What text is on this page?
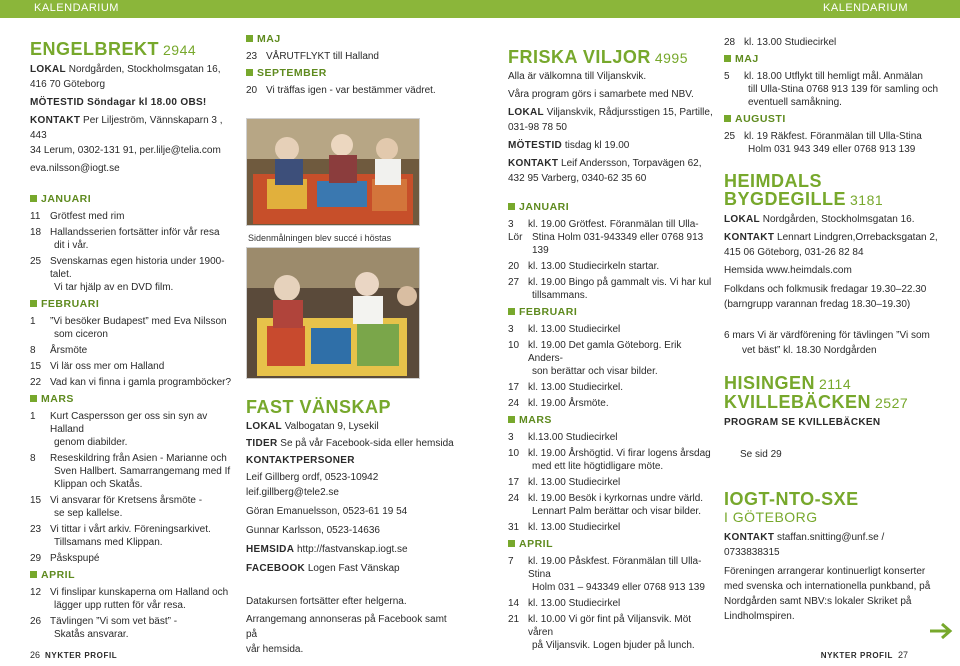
KALENDARIUM	KALENDARIUM
ENGELBREKT 2944
LOKAL Nordgården, Stockholmsgatan 16,
416 70 Göteborg
MÖTESTID Söndagar kl 18.00 OBS!
KONTAKT Per Liljeström, Vännskaparn 3 , 443
34 Lerum, 0302-131 91, per.lilje@telia.com
eva.nilsson@iogt.se
JANUARI
11 Grötfest med rim
18 Hallandsserien fortsätter inför vår resa
dit i vår.
25 Svenskarnas egen historia under 1900-talet.
Vi tar hjälp av en DVD film.
FEBRUARI
1	”Vi besöker Budapest” med Eva Nilsson
som ciceron
8	Årsmöte
15 Vi lär oss mer om Halland
22 Vad kan vi finna i gamla programböcker?
MARS
1	Kurt Caspersson ger oss sin syn av Halland
genom diabilder.
8	Reseskildring från Asien - Marianne och
Sven Hallbert. Samarrangemang med If
Klippan och Skatås.
15 Vi ansvarar för Kretsens årsmöte -
se sep kallelse.
23 Vi tittar i vårt arkiv. Föreningsarkivet.
Tillsamans med Klippan.
29 Påskspupé
APRIL
12 Vi finslipar kunskaperna om Halland och
lägger upp rutten för vår resa.
26 Tävlingen ”Vi som vet bäst” -
Skatås ansvarar.
26 NYKTER PROFIL
MAJ
23 VÅRUTFLYKT till Halland
SEPTEMBER
20 Vi träffas igen - var bestämmer vädret.
Sidenmålningen blev succé i höstas
FAST VÄNSKAP
LOKAL Valbogatan 9, Lysekil
TIDER Se på vår Facebook-sida eller hemsida
KONTAKTPERSONER
Leif Gillberg ordf, 0523-10942
leif.gillberg@tele2.se
Göran Emanuelsson, 0523-61 19 54
Gunnar Karlsson, 0523-14636
HEMSIDA http://fastvanskap.iogt.se
FACEBOOK Logen Fast Vänskap
Datakursen fortsätter efter helgerna.
Arrangemang annonseras på Facebook samt på
vår hemsida.
FRISKA VILJOR 4995
Alla är välkomna till Viljanskvik.
Våra program görs i samarbete med NBV.
LOKAL Viljanskvik, Rådjursstigen 15, Partille,
031-98 78 50
MÖTESTID tisdag kl 19.00
KONTAKT Leif Andersson, Torpavägen 62,
432 95 Varberg, 0340-62 35 60
JANUARI
3 Lör
kl. 19.00 Grötfest. Föranmälan till Ulla-
Stina Holm 031-943349 eller 0768 913 139
20 kl. 13.00 Studiecirkeln startar.
27 kl. 19.00 Bingo på gammalt vis. Vi har kul
tillsammans.
FEBRUARI
3	kl. 13.00 Studiecirkel
10 kl. 19.00 Det gamla Göteborg. Erik Anders-
son berättar och visar bilder.
17 kl. 13.00 Studiecirkel.
24 kl. 19.00 Årsmöte.
MARS
3	kl.13.00 Studiecirkel
10 kl. 19.00 Årshögtid. Vi firar logens årsdag
med ett lite högtidligare möte.
17 kl. 13.00 Studiecirkel
24 kl. 19.00 Besök i kyrkornas undre värld.
Lennart Palm berättar och visar bilder.
31 kl. 13.00 Studiecirkel
APRIL
7	kl. 19.00 Påskfest. Föranmälan till Ulla-Stina
Holm 031 – 943349 eller 0768 913 139
14 kl. 13.00 Studiecirkel
21 kl. 10.00 Vi gör fint på Viljansvik. Möt våren
på Viljansvik. Logen bjuder på lunch.
28 kl. 13.00 Studiecirkel
MAJ
5	kl. 18.00 Utflykt till hemligt mål. Anmälan
till Ulla-Stina 0768 913 139 för samling och
eventuell samåkning.
AUGUSTI
25 kl. 19 Räkfest. Föranmälan till Ulla-Stina
Holm 031 943 349 eller 0768 913 139
HEIMDALS
BYGDEGILLE 3181
LOKAL Nordgården, Stockholmsgatan 16.
KONTAKT Lennart Lindgren,Orrebacksgatan 2,
415 06 Göteborg, 031-26 82 84
Hemsida www.heimdals.com
Folkdans och folkmusik fredagar 19.30–22.30
(barngrupp varannan fredag 18.30–19.30)
6 mars Vi är värdförening för tävlingen ”Vi som
vet bäst” kl. 18.30 Nordgården
HISINGEN 2114
KVILLEBÄCKEN 2527
PROGRAM SE KVILLEBÄCKEN
Se sid 29
IOGT-NTO-SXE
I GÖTEBORG
KONTAKT staffan.snitting@unf.se /
0733838315
Föreningen arrangerar kontinuerligt konserter
med svenska och internationella punkband, på
Nordgården samt NBV:s lokaler Skriket på
Lindholmspiren.
NYKTER PROFIL 27
